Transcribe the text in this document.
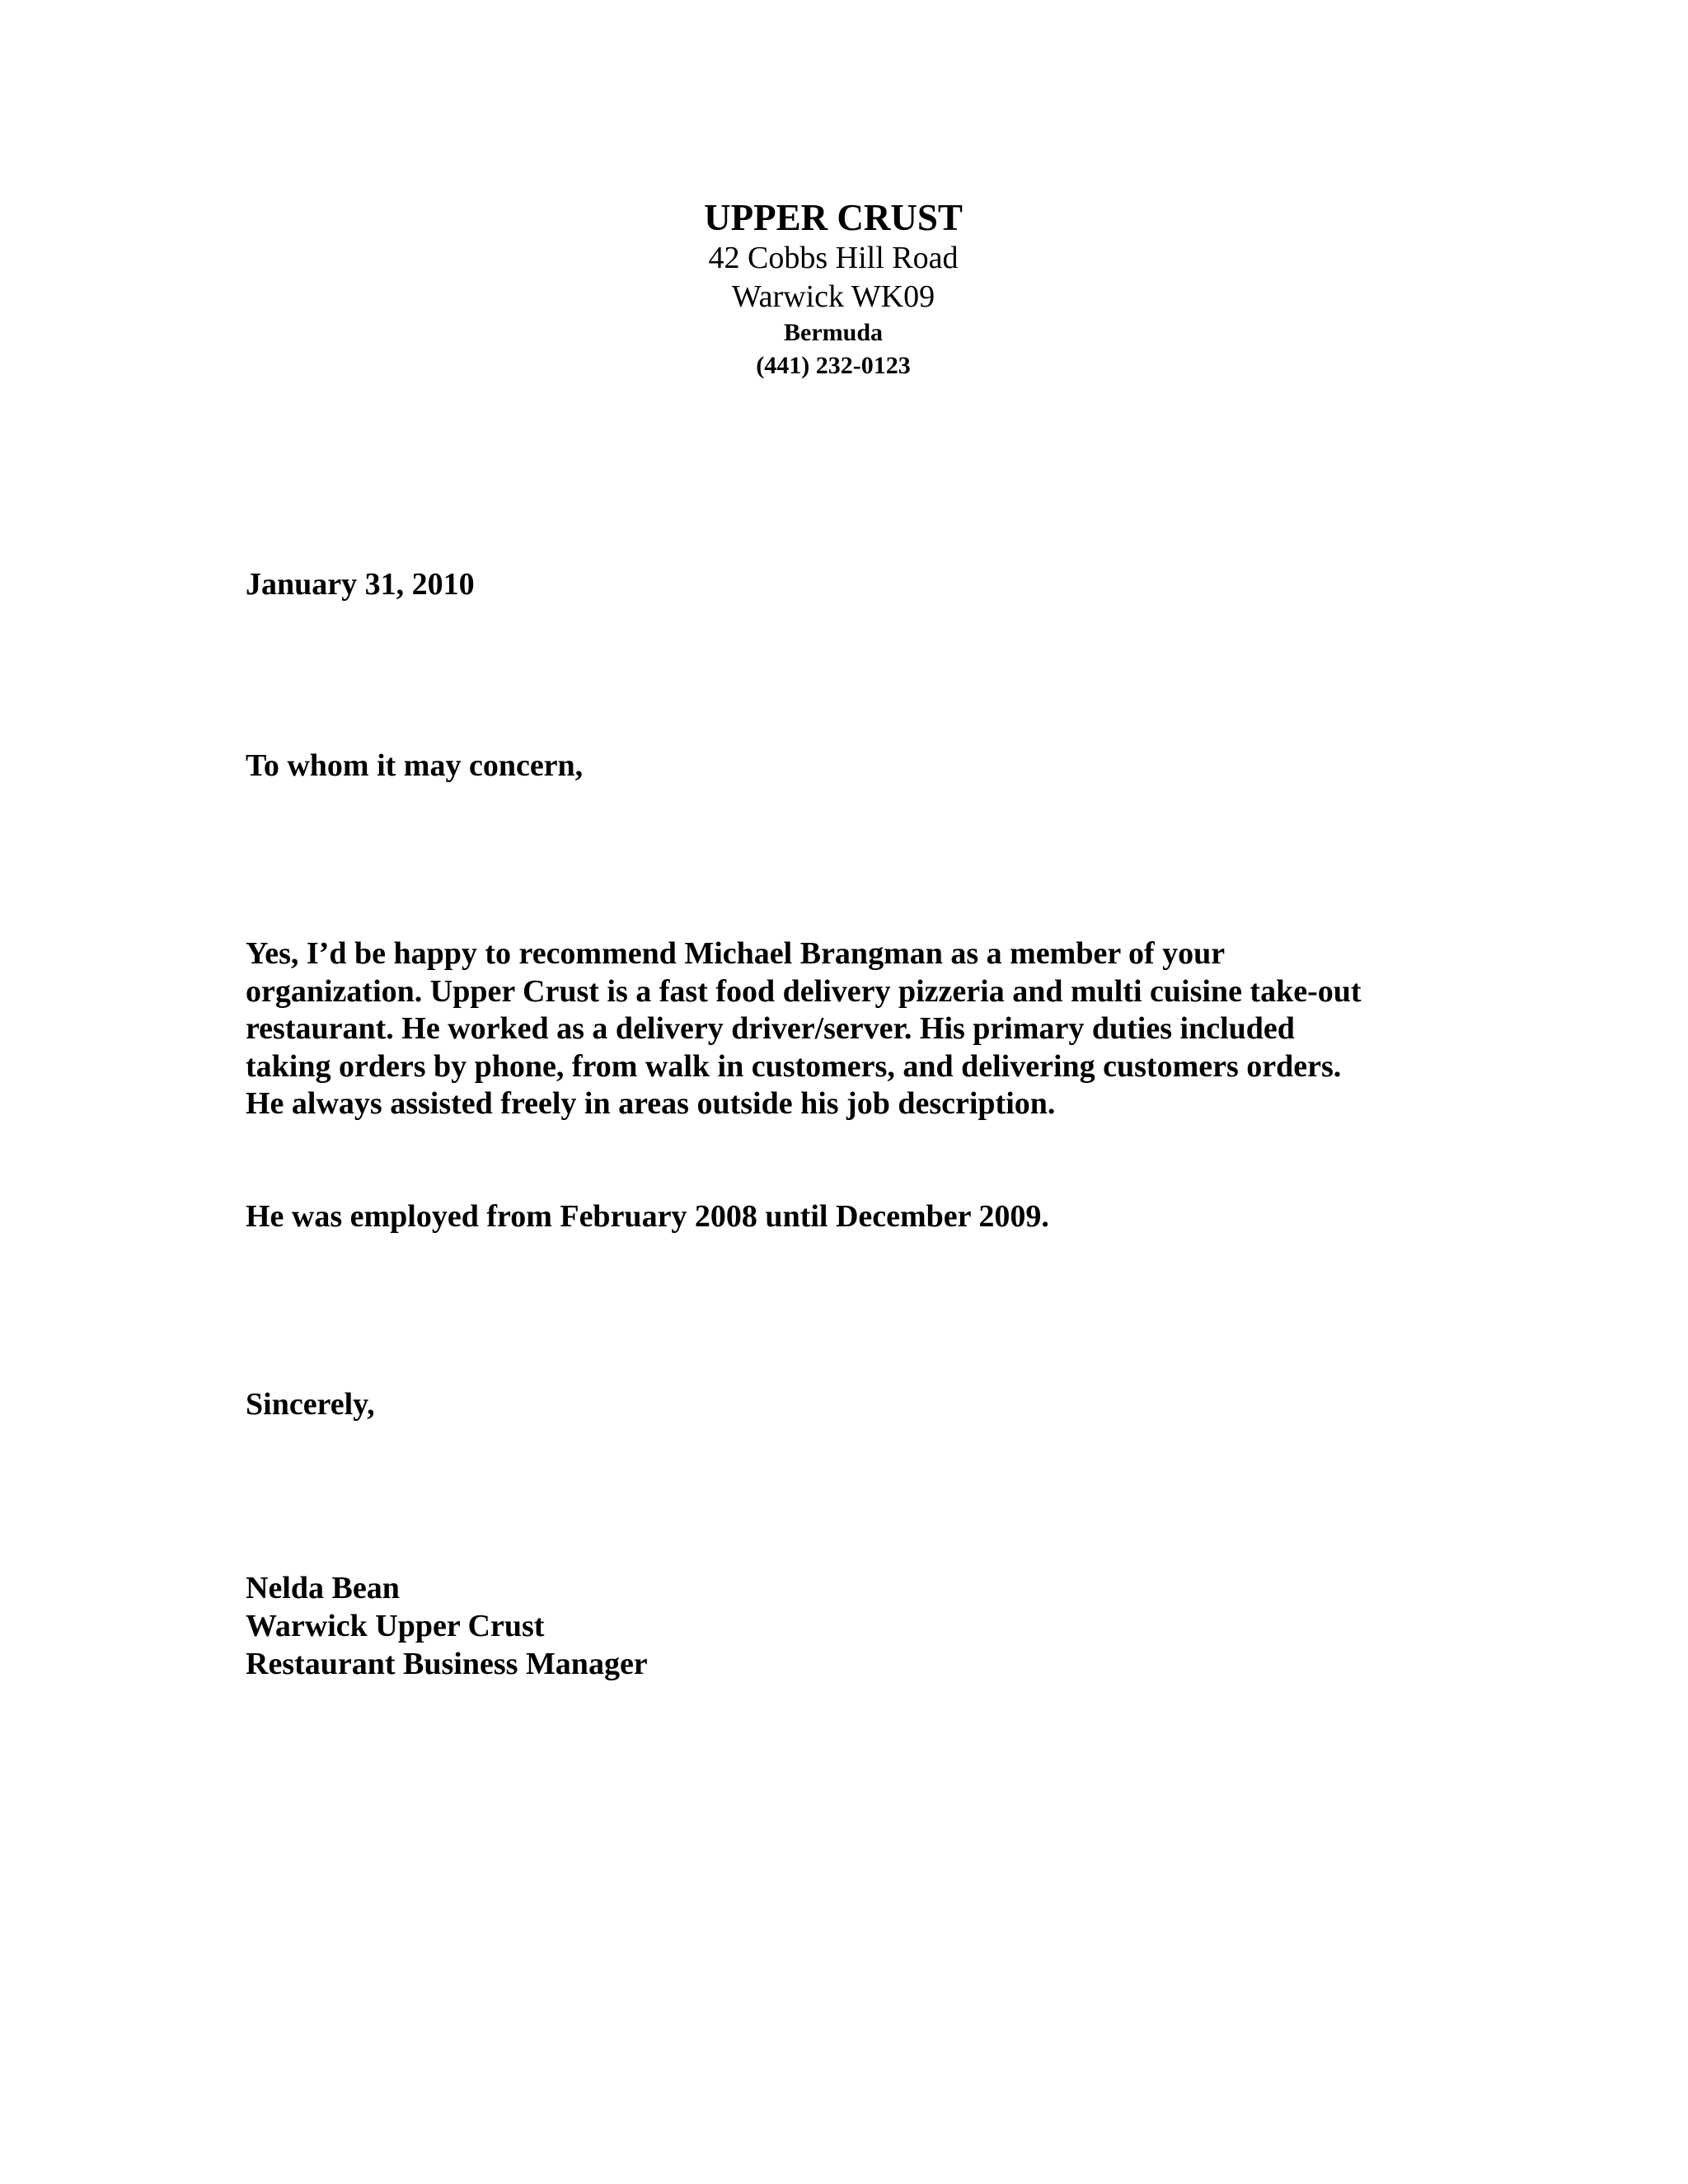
UPPER CRUST
42 Cobbs Hill Road
Warwick WK09
Bermuda
(441) 232-0123
January 31, 2010
To whom it may concern,
Yes, I’d be happy to recommend Michael Brangman as a member of your
organization. Upper Crust is a fast food delivery pizzeria and multi cuisine take-out
restaurant. He worked as a delivery driver/server. His primary duties included
taking orders by phone, from walk in customers, and delivering customers orders.
He always assisted freely in areas outside his job description.
He was employed from February 2008 until December 2009.
Sincerely,
Nelda Bean
Warwick Upper Crust
Restaurant Business Manager
